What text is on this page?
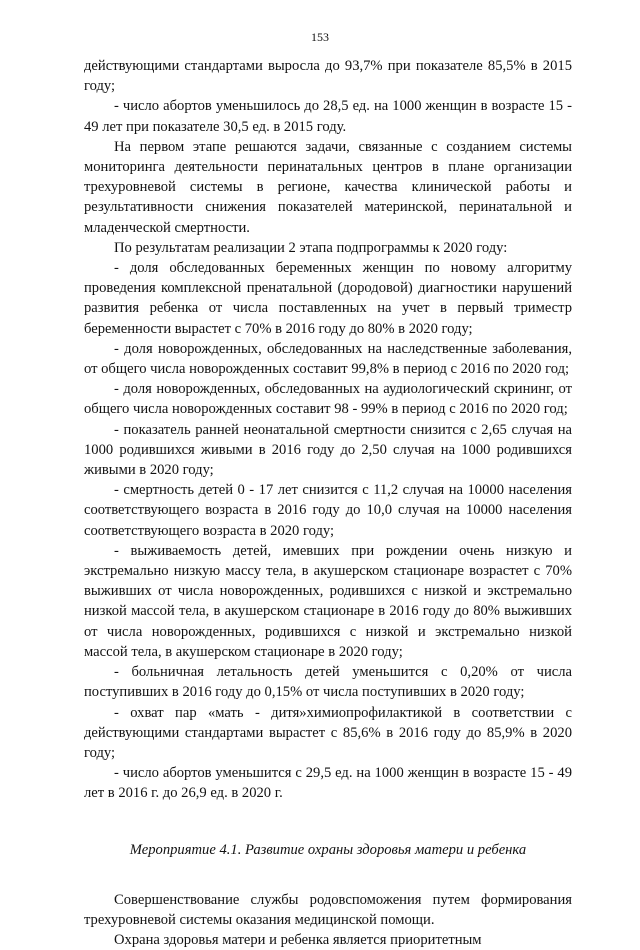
153

действующими стандартами выросла до 93,7% при показателе 85,5% в 2015 году;

- число абортов уменьшилось до 28,5 ед. на 1000 женщин в возрасте 15 - 49 лет при показателе 30,5 ед. в 2015 году.

На первом этапе решаются задачи, связанные с созданием системы мониторинга деятельности перинатальных центров в плане организации трехуровневой системы в регионе, качества клинической работы и результативности снижения показателей материнской, перинатальной и младенческой смертности.

По результатам реализации 2 этапа подпрограммы к 2020 году:

- доля обследованных беременных женщин по новому алгоритму проведения комплексной пренатальной (дородовой) диагностики нарушений развития ребенка от числа поставленных на учет в первый триместр беременности вырастет с 70% в 2016 году до 80% в 2020 году;

- доля новорожденных, обследованных на наследственные заболевания, от общего числа новорожденных составит 99,8% в период с 2016 по 2020 год;

- доля новорожденных, обследованных на аудиологический скрининг, от общего числа новорожденных составит 98 - 99% в период с 2016 по 2020 год;

- показатель ранней неонатальной смертности снизится с 2,65 случая на 1000 родившихся живыми в 2016 году до 2,50 случая на 1000 родившихся живыми в 2020 году;

- смертность детей 0 - 17 лет снизится с 11,2 случая на 10000 населения соответствующего возраста в 2016 году до 10,0 случая на 10000 населения соответствующего возраста в 2020 году;

- выживаемость детей, имевших при рождении очень низкую и экстремально низкую массу тела, в акушерском стационаре возрастет с 70% выживших от числа новорожденных, родившихся с низкой и экстремально низкой массой тела, в акушерском стационаре в 2016 году до 80% выживших от числа новорожденных, родившихся с низкой и экстремально низкой массой тела, в акушерском стационаре в 2020 году;

- больничная летальность детей уменьшится с 0,20% от числа поступивших в 2016 году до 0,15% от числа поступивших в 2020 году;

- охват пар «мать - дитя»химиопрофилактикой в соответствии с действующими стандартами вырастет с 85,6% в 2016 году до 85,9% в 2020 году;

- число абортов уменьшится с 29,5 ед. на 1000 женщин в возрасте 15 - 49 лет в 2016 г. до 26,9 ед. в 2020 г.

Мероприятие 4.1. Развитие охраны здоровья матери и ребенка

Совершенствование службы родовспоможения путем формирования трехуровневой системы оказания медицинской помощи.

Охрана здоровья матери и ребенка является приоритетным
